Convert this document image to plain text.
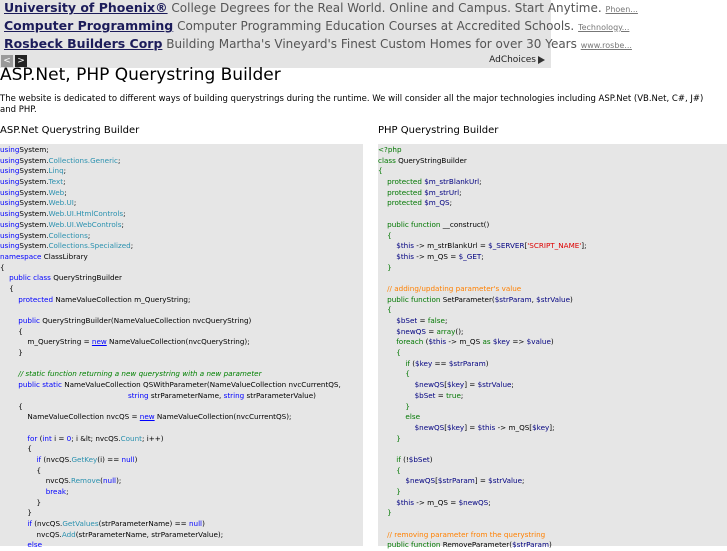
University of Phoenix® College Degrees for the Real World. Online and Campus. Start Anytime. Phoen...
Computer Programming Computer Programming Education Courses at Accredited Schools. Technology...
Rosbeck Builders Corp Building Martha's Vineyard's Finest Custom Homes for over 30 Years www.rosbe...
< >	AdChoices
ASP.Net, PHP Querystring Builder

The website is dedicated to different ways of building querystrings during the runtime. We will consider all the major technologies including ASP.Net (VB.Net, C#, J#) and PHP.

ASP.Net Querystring Builder	PHP Querystring Builder
usingSystem;
usingSystem.Collections.Generic;
usingSystem.Linq;
usingSystem.Text;
usingSystem.Web;
usingSystem.Web.UI;
usingSystem.Web.UI.HtmlControls;
usingSystem.Web.UI.WebControls;
usingSystem.Collections;
usingSystem.Collections.Specialized;
namespace ClassLibrary
{
public class QueryStringBuilder
{
protected NameValueCollection m_QueryString;
public QueryStringBuilder(NameValueCollection nvcQueryString)
{
m_QueryString = new NameValueCollection(nvcQueryString);
}
// static function returning a new querystring with a new parameter
public static NameValueCollection QSWithParameter(NameValueCollection nvcCurrentQS,
string strParameterName, string strParameterValue)
{
NameValueCollection nvcQS = new NameValueCollection(nvcCurrentQS);
for (int i = 0; i &lt; nvcQS.Count; i++)
{
if (nvcQS.GetKey(i) == null)
{
nvcQS.Remove(null);
break;
}
}
if (nvcQS.GetValues(strParameterName) == null)
nvcQS.Add(strParameterName, strParameterValue);
else
<?php
class QueryStringBuilder
{
protected $m_strBlankUrl;
protected $m_strUrl;
protected $m_QS;
public function __construct()
{
$this -> m_strBlankUrl = $_SERVER['SCRIPT_NAME'];
$this -> m_QS = $_GET;
}
// adding/updating parameter's value
public function SetParameter($strParam, $strValue)
{
$bSet = false;
$newQS = array();
foreach ($this -> m_QS as $key => $value)
{
if ($key == $strParam)
{
$newQS[$key] = $strValue;
$bSet = true;
}
else
$newQS[$key] = $this -> m_QS[$key];
}
if (!$bSet)
{
$newQS[$strParam] = $strValue;
}
$this -> m_QS = $newQS;
}
// removing parameter from the querystring
public function RemoveParameter($strParam)
